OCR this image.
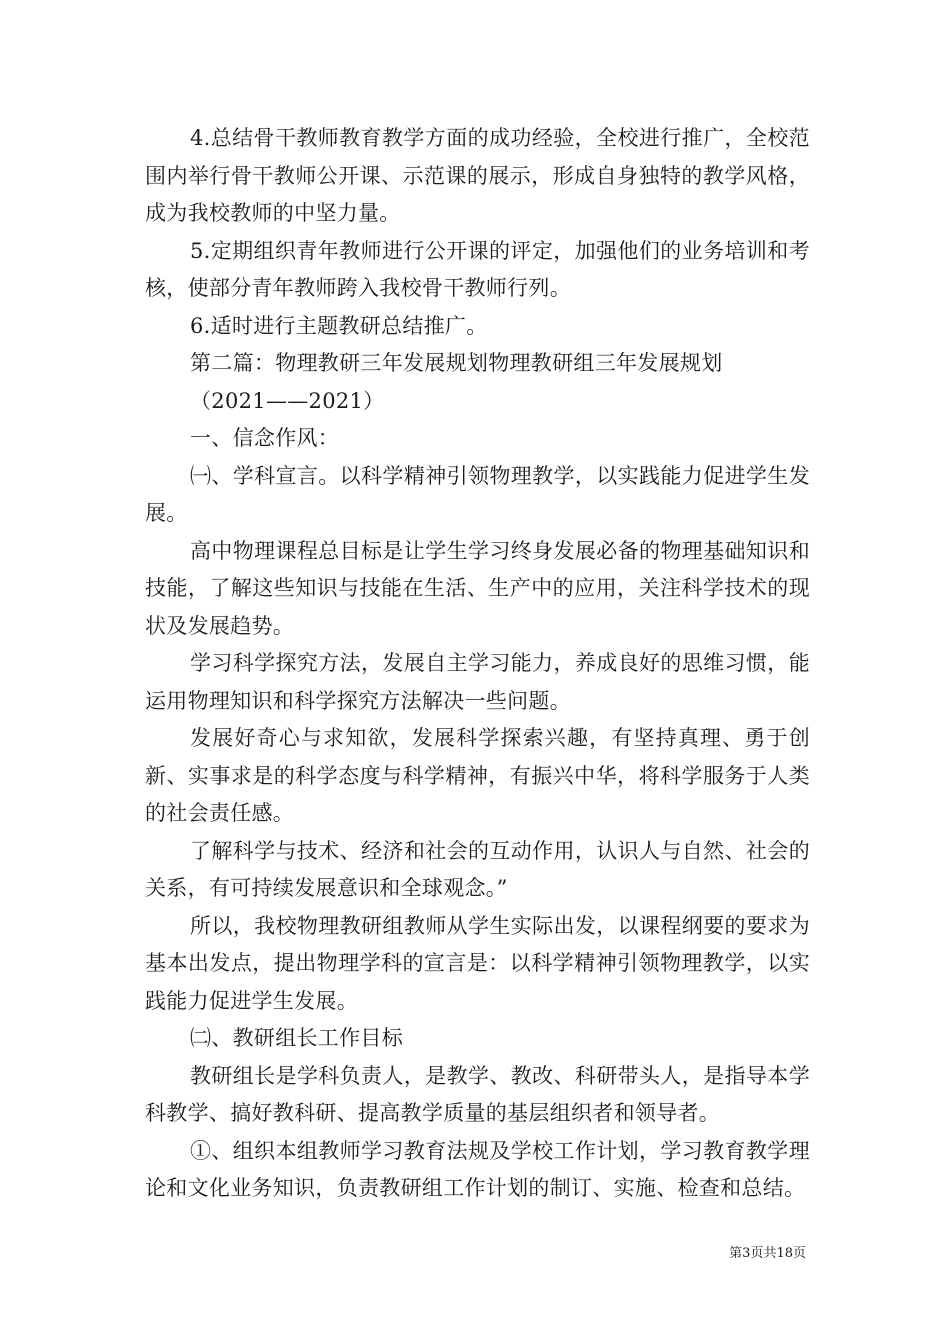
4.总结骨干教师教育教学方面的成功经验，全校进行推广，全校范围内举行骨干教师公开课、示范课的展示，形成自身独特的教学风格，成为我校教师的中坚力量。

5.定期组织青年教师进行公开课的评定，加强他们的业务培训和考核，使部分青年教师跨入我校骨干教师行列。

6.适时进行主题教研总结推广。

第二篇：物理教研三年发展规划物理教研组三年发展规划

（2021——2021）

一、信念作风：

㈠、学科宣言。以科学精神引领物理教学，以实践能力促进学生发展。

高中物理课程总目标是让学生学习终身发展必备的物理基础知识和技能，了解这些知识与技能在生活、生产中的应用，关注科学技术的现状及发展趋势。

学习科学探究方法，发展自主学习能力，养成良好的思维习惯，能运用物理知识和科学探究方法解决一些问题。

发展好奇心与求知欲，发展科学探索兴趣，有坚持真理、勇于创新、实事求是的科学态度与科学精神，有振兴中华，将科学服务于人类的社会责任感。

了解科学与技术、经济和社会的互动作用，认识人与自然、社会的关系，有可持续发展意识和全球观念。”

所以，我校物理教研组教师从学生实际出发，以课程纲要的要求为基本出发点，提出物理学科的宣言是：以科学精神引领物理教学，以实践能力促进学生发展。

㈡、教研组长工作目标

教研组长是学科负责人，是教学、教改、科研带头人，是指导本学科教学、搞好教科研、提高教学质量的基层组织者和领导者。

①、组织本组教师学习教育法规及学校工作计划，学习教育教学理论和文化业务知识，负责教研组工作计划的制订、实施、检查和总结。

第3页共18页
